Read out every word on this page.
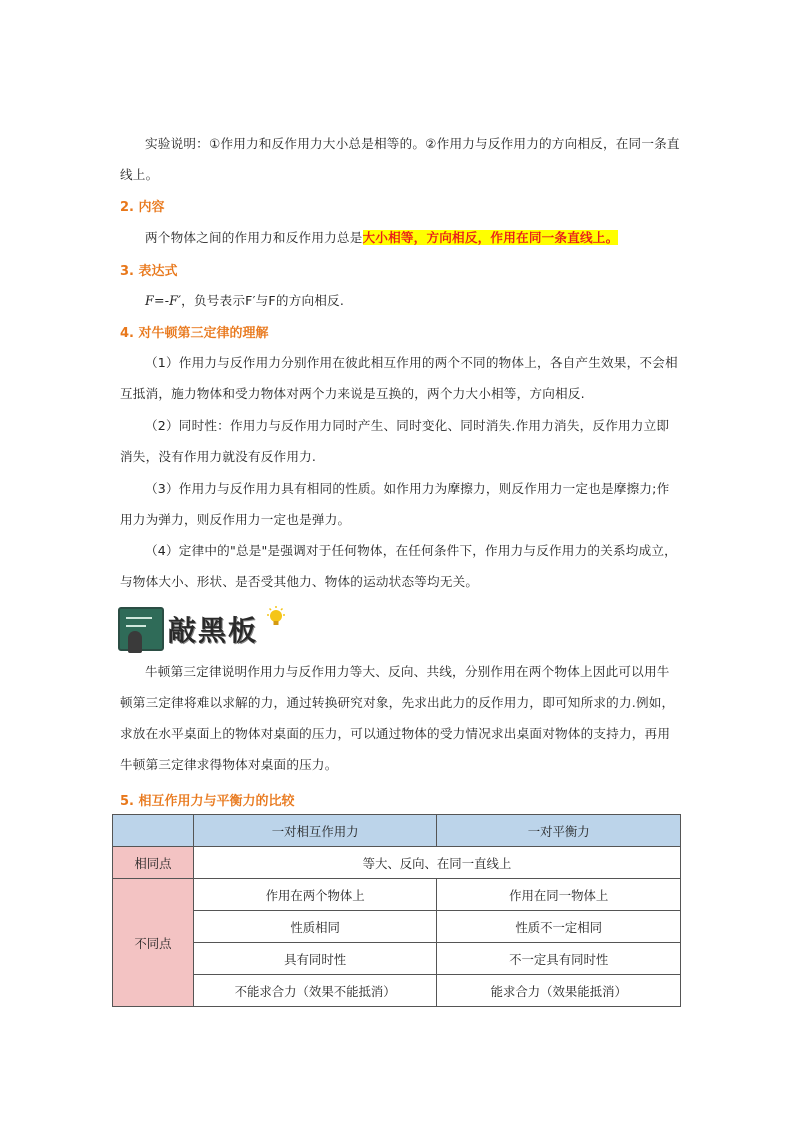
实验说明：①作用力和反作用力大小总是相等的。②作用力与反作用力的方向相反，在同一条直线上。
2. 内容
两个物体之间的作用力和反作用力总是大小相等，方向相反，作用在同一条直线上。
3. 表达式
F=-F′，负号表示F′与F的方向相反.
4. 对牛顿第三定律的理解
（1）作用力与反作用力分别作用在彼此相互作用的两个不同的物体上，各自产生效果，不会相互抵消，施力物体和受力物体对两个力来说是互换的，两个力大小相等，方向相反.
（2）同时性：作用力与反作用力同时产生、同时变化、同时消失.作用力消失，反作用力立即消失，没有作用力就没有反作用力.
（3）作用力与反作用力具有相同的性质。如作用力为摩擦力，则反作用力一定也是摩擦力;作用力为弹力，则反作用力一定也是弹力。
（4）定律中的"总是"是强调对于任何物体，在任何条件下，作用力与反作用力的关系均成立，与物体大小、形状、是否受其他力、物体的运动状态等均无关。
敲黑板
牛顿第三定律说明作用力与反作用力等大、反向、共线，分别作用在两个物体上因此可以用牛顿第三定律将难以求解的力，通过转换研究对象，先求出此力的反作用力，即可知所求的力.例如，求放在水平桌面上的物体对桌面的压力，可以通过物体的受力情况求出桌面对物体的支持力，再用牛顿第三定律求得物体对桌面的压力。
5. 相互作用力与平衡力的比较
	一对相互作用力	一对平衡力
相同点	等大、反向、在同一直线上	
不同点	作用在两个物体上	作用在同一物体上
	性质相同	性质不一定相同
	具有同时性	不一定具有同时性
	不能求合力（效果不能抵消）	能求合力（效果能抵消）
